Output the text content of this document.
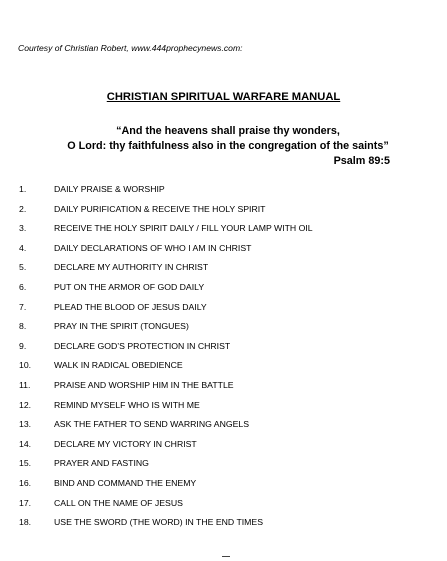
Courtesy of Christian Robert, www.444prophecynews.com:
CHRISTIAN SPIRITUAL WARFARE MANUAL
“And the heavens shall praise thy wonders,
O Lord: thy faithfulness also in the congregation of the saints”
Psalm 89:5
1.	DAILY PRAISE & WORSHIP
2.	DAILY PURIFICATION & RECEIVE THE HOLY SPIRIT
3.	RECEIVE THE HOLY SPIRIT DAILY / FILL YOUR LAMP WITH OIL
4.	DAILY DECLARATIONS OF WHO I AM IN CHRIST
5.	DECLARE MY AUTHORITY IN CHRIST
6.	PUT ON THE ARMOR OF GOD DAILY
7.	PLEAD THE BLOOD OF JESUS DAILY
8.	PRAY IN THE SPIRIT (TONGUES)
9.	DECLARE GOD’S PROTECTION IN CHRIST
10.	WALK IN RADICAL OBEDIENCE
11.	PRAISE AND WORSHIP HIM IN THE BATTLE
12.	REMIND MYSELF WHO IS WITH ME
13.	ASK THE FATHER TO SEND WARRING ANGELS
14.	DECLARE MY VICTORY IN CHRIST
15.	PRAYER AND FASTING
16.	BIND AND COMMAND THE ENEMY
17.	CALL ON THE NAME OF JESUS
18.	USE THE SWORD (THE WORD) IN THE END TIMES
